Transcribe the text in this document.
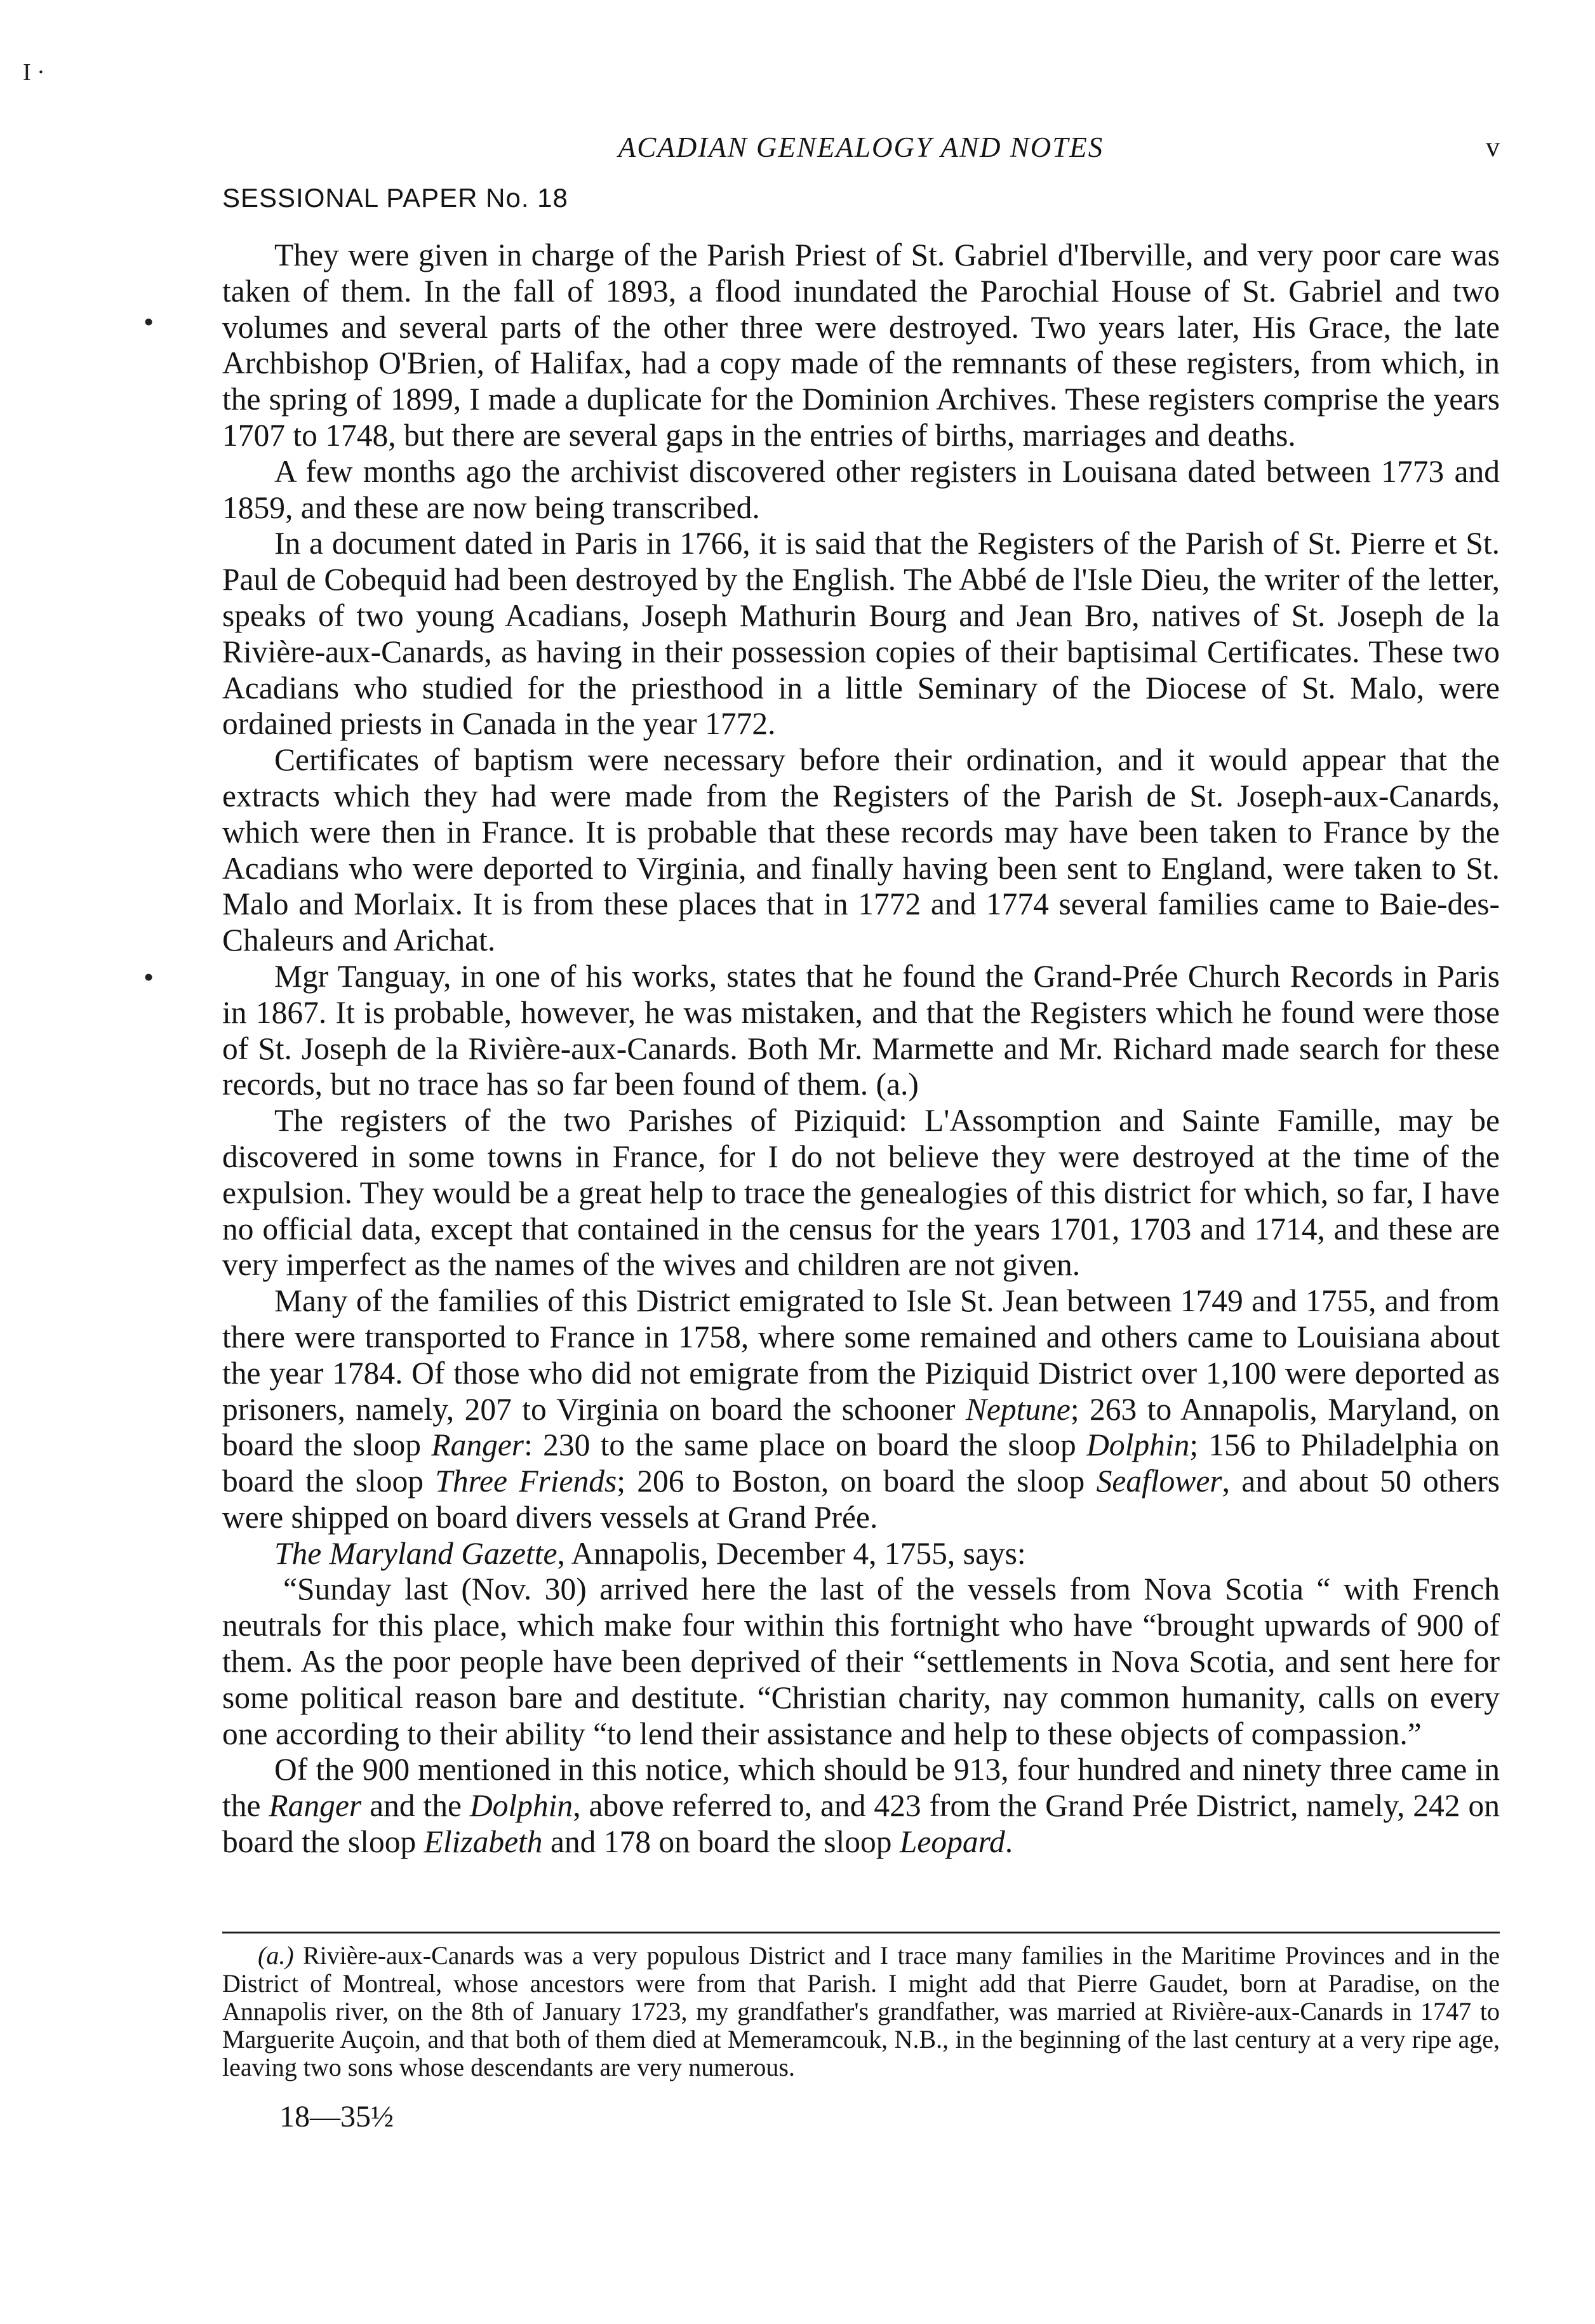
I ·
ACADIAN GENEALOGY AND NOTES	v
SESSIONAL PAPER No. 18
•
•

They were given in charge of the Parish Priest of St. Gabriel d'Iberville, and very poor care was taken of them. In the fall of 1893, a flood inundated the Parochial House of St. Gabriel and two volumes and several parts of the other three were destroyed. Two years later, His Grace, the late Archbishop O'Brien, of Halifax, had a copy made of the remnants of these registers, from which, in the spring of 1899, I made a duplicate for the Dominion Archives. These registers comprise the years 1707 to 1748, but there are several gaps in the entries of births, marriages and deaths.

A few months ago the archivist discovered other registers in Louisana dated between 1773 and 1859, and these are now being transcribed.

In a document dated in Paris in 1766, it is said that the Registers of the Parish of St. Pierre et St. Paul de Cobequid had been destroyed by the English. The Abbé de l'Isle Dieu, the writer of the letter, speaks of two young Acadians, Joseph Mathurin Bourg and Jean Bro, natives of St. Joseph de la Rivière-aux-Canards, as having in their possession copies of their baptisimal Certificates. These two Acadians who studied for the priesthood in a little Seminary of the Diocese of St. Malo, were ordained priests in Canada in the year 1772.

Certificates of baptism were necessary before their ordination, and it would appear that the extracts which they had were made from the Registers of the Parish de St. Joseph-aux-Canards, which were then in France. It is probable that these records may have been taken to France by the Acadians who were deported to Virginia, and finally having been sent to England, were taken to St. Malo and Morlaix. It is from these places that in 1772 and 1774 several families came to Baie-des-Chaleurs and Arichat.

Mgr Tanguay, in one of his works, states that he found the Grand-Prée Church Records in Paris in 1867. It is probable, however, he was mistaken, and that the Registers which he found were those of St. Joseph de la Rivière-aux-Canards. Both Mr. Marmette and Mr. Richard made search for these records, but no trace has so far been found of them. (a.)

The registers of the two Parishes of Piziquid: L'Assomption and Sainte Famille, may be discovered in some towns in France, for I do not believe they were destroyed at the time of the expulsion. They would be a great help to trace the genealogies of this district for which, so far, I have no official data, except that contained in the census for the years 1701, 1703 and 1714, and these are very imperfect as the names of the wives and children are not given.

Many of the families of this District emigrated to Isle St. Jean between 1749 and 1755, and from there were transported to France in 1758, where some remained and others came to Louisiana about the year 1784. Of those who did not emigrate from the Piziquid District over 1,100 were deported as prisoners, namely, 207 to Virginia on board the schooner Neptune; 263 to Annapolis, Maryland, on board the sloop Ranger: 230 to the same place on board the sloop Dolphin; 156 to Philadelphia on board the sloop Three Friends; 206 to Boston, on board the sloop Seaflower, and about 50 others were shipped on board divers vessels at Grand Prée.

The Maryland Gazette, Annapolis, December 4, 1755, says:

“Sunday last (Nov. 30) arrived here the last of the vessels from Nova Scotia “ with French neutrals for this place, which make four within this fortnight who have “brought upwards of 900 of them. As the poor people have been deprived of their “settlements in Nova Scotia, and sent here for some political reason bare and destitute. “Christian charity, nay common humanity, calls on every one according to their ability “to lend their assistance and help to these objects of compassion.”

Of the 900 mentioned in this notice, which should be 913, four hundred and ninety three came in the Ranger and the Dolphin, above referred to, and 423 from the Grand Prée District, namely, 242 on board the sloop Elizabeth and 178 on board the sloop Leopard.

(a.) Rivière-aux-Canards was a very populous District and I trace many families in the Maritime Provinces and in the District of Montreal, whose ancestors were from that Parish. I might add that Pierre Gaudet, born at Paradise, on the Annapolis river, on the 8th of January 1723, my grandfather's grandfather, was married at Rivière-aux-Canards in 1747 to Marguerite Auçoin, and that both of them died at Memeramcouk, N.B., in the beginning of the last century at a very ripe age, leaving two sons whose descendants are very numerous.
18—35½
